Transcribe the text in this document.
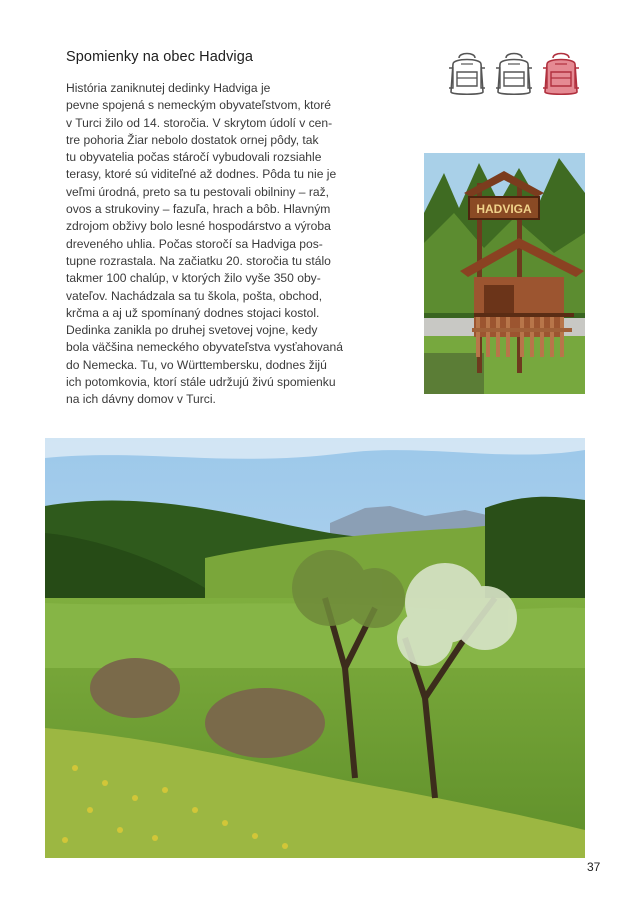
Spomienky na obec Hadviga

História zaniknutej dedinky Hadviga je
pevne spojená s nemeckým obyvateľstvom, ktoré
v Turci žilo od 14. storočia. V skrytom údolí v cen-
tre pohoria Žiar nebolo dostatok ornej pôdy, tak
tu obyvatelia počas stáročí vybudovali rozsiahle
terasy, ktoré sú viditeľné až dodnes. Pôda tu nie je
veľmi úrodná, preto sa tu pestovali obilniny – raž,
ovos a strukoviny – fazuľa, hrach a bôb. Hlavným
zdrojom obživy bolo lesné hospodárstvo a výroba
dreveného uhlia. Počas storočí sa Hadviga pos-
tupne rozrastala. Na začiatku 20. storočia tu stálo
takmer 100 chalúp, v ktorých žilo vyše 350 oby-
vateľov. Nachádzala sa tu škola, pošta, obchod,
krčma a aj už spomínaný dodnes stojaci kostol.
Dedinka zanikla po druhej svetovej vojne, kedy
bola väčšina nemeckého obyvateľstva vysťahovaná
do Nemecka. Tu, vo Württembersku, dodnes žijú
ich potomkovia, ktorí stále udržujú živú spomienku
na ich dávny domov v Turci.

HADVIGA
37
